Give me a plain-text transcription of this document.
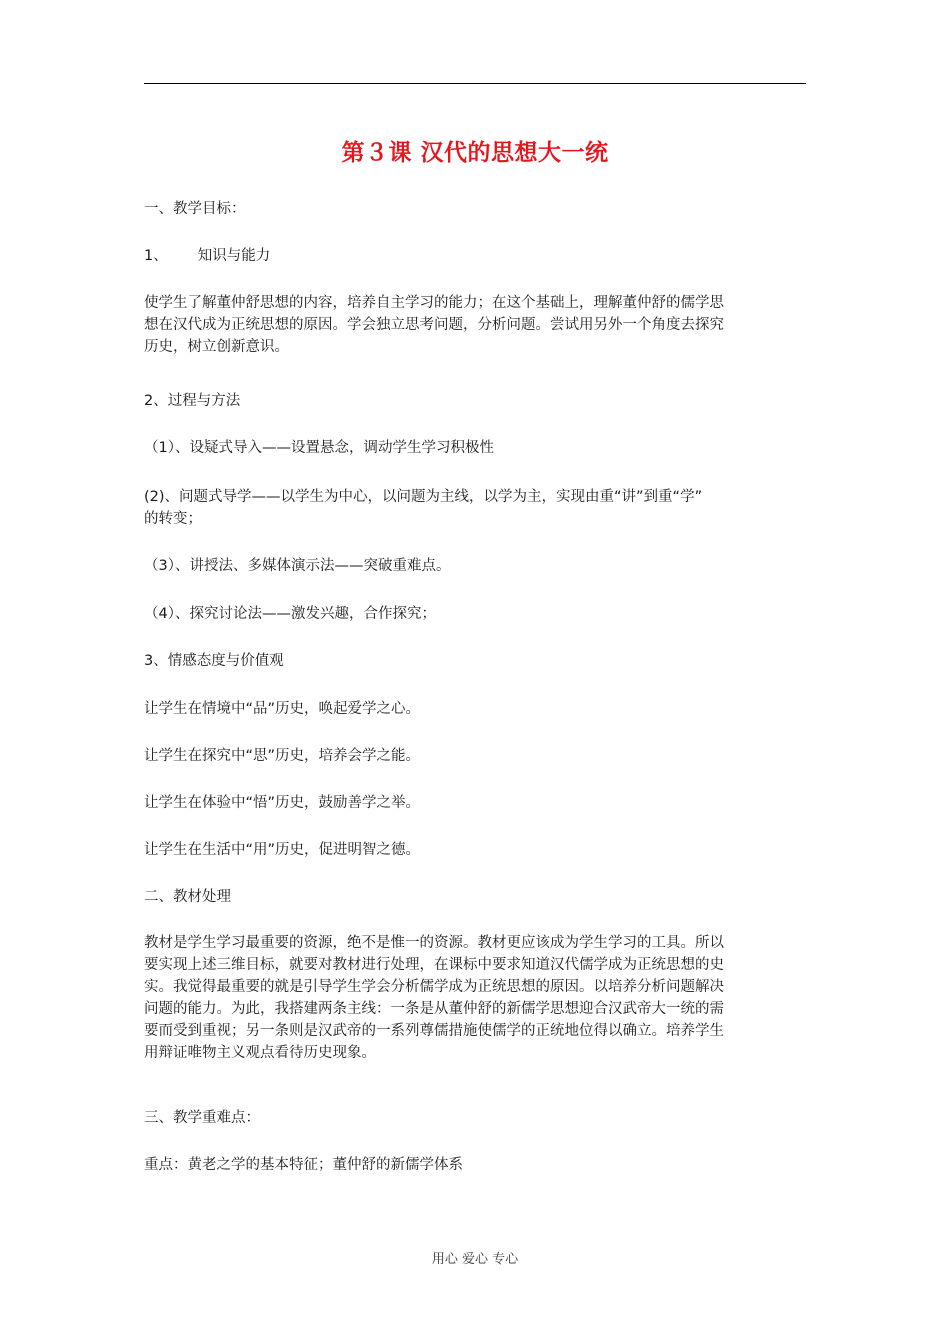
第３课 汉代的思想大一统
一、教学目标：
1、 知识与能力
使学生了解董仲舒思想的内容，培养自主学习的能力；在这个基础上，理解董仲舒的儒学思
想在汉代成为正统思想的原因。学会独立思考问题，分析问题。尝试用另外一个角度去探究
历史，树立创新意识。
2、过程与方法
（1）、设疑式导入——设置悬念，调动学生学习积极性
(2)、问题式导学——以学生为中心，以问题为主线，以学为主，实现由重“讲”到重“学”
的转变；
（3）、讲授法、多媒体演示法——突破重难点。
（4）、探究讨论法——激发兴趣，合作探究；
3、情感态度与价值观
让学生在情境中“品”历史，唤起爱学之心。
让学生在探究中“思”历史，培养会学之能。
让学生在体验中“悟”历史，鼓励善学之举。
让学生在生活中“用”历史，促进明智之德。
二、教材处理
教材是学生学习最重要的资源，绝不是惟一的资源。教材更应该成为学生学习的工具。所以
要实现上述三维目标，就要对教材进行处理，在课标中要求知道汉代儒学成为正统思想的史
实。我觉得最重要的就是引导学生学会分析儒学成为正统思想的原因。以培养分析问题解决
问题的能力。为此，我搭建两条主线：一条是从董仲舒的新儒学思想迎合汉武帝大一统的需
要而受到重视；另一条则是汉武帝的一系列尊儒措施使儒学的正统地位得以确立。培养学生
用辩证唯物主义观点看待历史现象。
三、教学重难点：
重点：黄老之学的基本特征；董仲舒的新儒学体系
用心 爱心 专心
